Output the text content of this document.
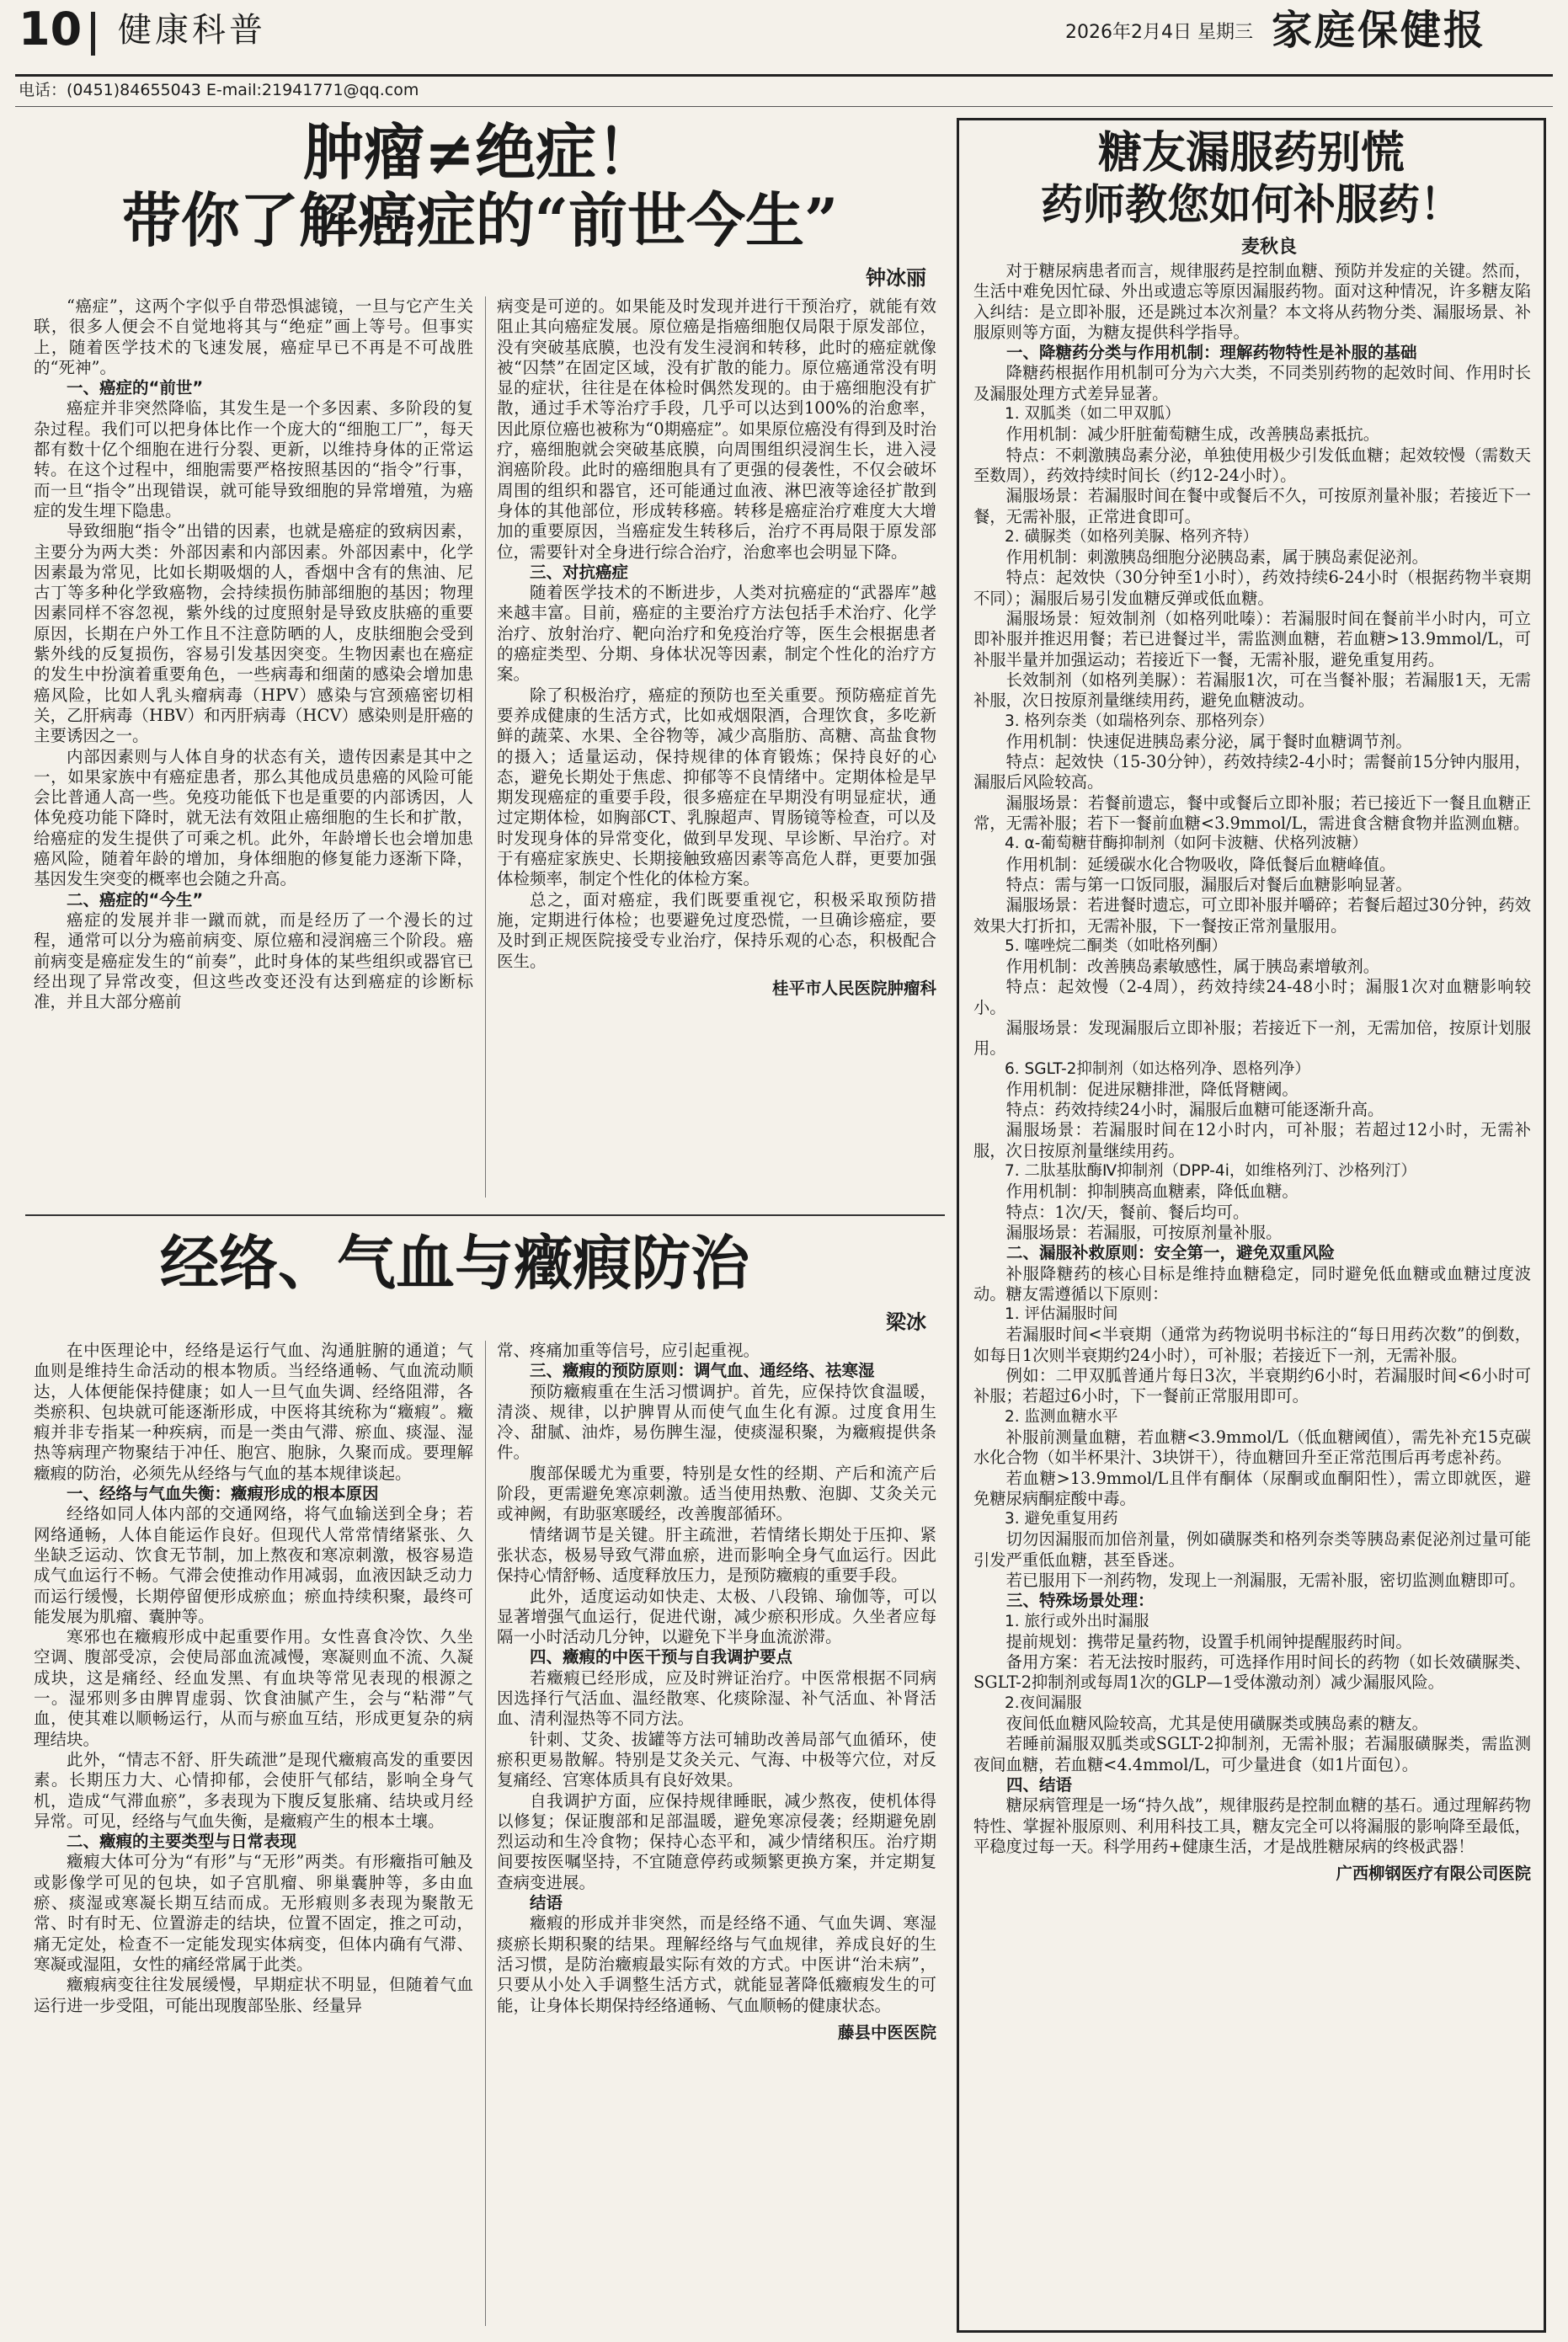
10 健康科普	2026年2月4日 星期三 家庭保健报
电话：(0451)84655043 E-mail:21941771@qq.com
肿瘤≠绝症！
带你了解癌症的“前世今生”
钟冰丽

“癌症”，这两个字似乎自带恐惧滤镜，一旦与它产生关联，很多人便会不自觉地将其与“绝症”画上等号。但事实上，随着医学技术的飞速发展，癌症早已不再是不可战胜的“死神”。

一、癌症的“前世”

癌症并非突然降临，其发生是一个多因素、多阶段的复杂过程。我们可以把身体比作一个庞大的“细胞工厂”，每天都有数十亿个细胞在进行分裂、更新，以维持身体的正常运转。在这个过程中，细胞需要严格按照基因的“指令”行事，而一旦“指令”出现错误，就可能导致细胞的异常增殖，为癌症的发生埋下隐患。

导致细胞“指令”出错的因素，也就是癌症的致病因素，主要分为两大类：外部因素和内部因素。外部因素中，化学因素最为常见，比如长期吸烟的人，香烟中含有的焦油、尼古丁等多种化学致癌物，会持续损伤肺部细胞的基因；物理因素同样不容忽视，紫外线的过度照射是导致皮肤癌的重要原因，长期在户外工作且不注意防晒的人，皮肤细胞会受到紫外线的反复损伤，容易引发基因突变。生物因素也在癌症的发生中扮演着重要角色，一些病毒和细菌的感染会增加患癌风险，比如人乳头瘤病毒（HPV）感染与宫颈癌密切相关，乙肝病毒（HBV）和丙肝病毒（HCV）感染则是肝癌的主要诱因之一。

内部因素则与人体自身的状态有关，遗传因素是其中之一，如果家族中有癌症患者，那么其他成员患癌的风险可能会比普通人高一些。免疫功能低下也是重要的内部诱因，人体免疫功能下降时，就无法有效阻止癌细胞的生长和扩散，给癌症的发生提供了可乘之机。此外，年龄增长也会增加患癌风险，随着年龄的增加，身体细胞的修复能力逐渐下降，基因发生突变的概率也会随之升高。

二、癌症的“今生”

癌症的发展并非一蹴而就，而是经历了一个漫长的过程，通常可以分为癌前病变、原位癌和浸润癌三个阶段。癌前病变是癌症发生的“前奏”，此时身体的某些组织或器官已经出现了异常改变，但这些改变还没有达到癌症的诊断标准，并且大部分癌前

病变是可逆的。如果能及时发现并进行干预治疗，就能有效阻止其向癌症发展。原位癌是指癌细胞仅局限于原发部位，没有突破基底膜，也没有发生浸润和转移，此时的癌症就像被“囚禁”在固定区域，没有扩散的能力。原位癌通常没有明显的症状，往往是在体检时偶然发现的。由于癌细胞没有扩散，通过手术等治疗手段，几乎可以达到100%的治愈率，因此原位癌也被称为“0期癌症”。如果原位癌没有得到及时治疗，癌细胞就会突破基底膜，向周围组织浸润生长，进入浸润癌阶段。此时的癌细胞具有了更强的侵袭性，不仅会破坏周围的组织和器官，还可能通过血液、淋巴液等途径扩散到身体的其他部位，形成转移癌。转移是癌症治疗难度大大增加的重要原因，当癌症发生转移后，治疗不再局限于原发部位，需要针对全身进行综合治疗，治愈率也会明显下降。

三、对抗癌症

随着医学技术的不断进步，人类对抗癌症的“武器库”越来越丰富。目前，癌症的主要治疗方法包括手术治疗、化学治疗、放射治疗、靶向治疗和免疫治疗等，医生会根据患者的癌症类型、分期、身体状况等因素，制定个性化的治疗方案。

除了积极治疗，癌症的预防也至关重要。预防癌症首先要养成健康的生活方式，比如戒烟限酒，合理饮食，多吃新鲜的蔬菜、水果、全谷物等，减少高脂肪、高糖、高盐食物的摄入；适量运动，保持规律的体育锻炼；保持良好的心态，避免长期处于焦虑、抑郁等不良情绪中。定期体检是早期发现癌症的重要手段，很多癌症在早期没有明显症状，通过定期体检，如胸部CT、乳腺超声、胃肠镜等检查，可以及时发现身体的异常变化，做到早发现、早诊断、早治疗。对于有癌症家族史、长期接触致癌因素等高危人群，更要加强体检频率，制定个性化的体检方案。

总之，面对癌症，我们既要重视它，积极采取预防措施，定期进行体检；也要避免过度恐慌，一旦确诊癌症，要及时到正规医院接受专业治疗，保持乐观的心态，积极配合医生。

桂平市人民医院肿瘤科

经络、气血与癥瘕防治
梁冰

在中医理论中，经络是运行气血、沟通脏腑的通道；气血则是维持生命活动的根本物质。当经络通畅、气血流动顺达，人体便能保持健康；如人一旦气血失调、经络阻滞，各类瘀积、包块就可能逐渐形成，中医将其统称为“癥瘕”。癥瘕并非专指某一种疾病，而是一类由气滞、瘀血、痰湿、湿热等病理产物聚结于冲任、胞宫、胞脉，久聚而成。要理解癥瘕的防治，必须先从经络与气血的基本规律谈起。

一、经络与气血失衡：癥瘕形成的根本原因

经络如同人体内部的交通网络，将气血输送到全身；若网络通畅，人体自能运作良好。但现代人常常情绪紧张、久坐缺乏运动、饮食无节制，加上熬夜和寒凉刺激，极容易造成气血运行不畅。气滞会使推动作用减弱，血液因缺乏动力而运行缓慢，长期停留便形成瘀血；瘀血持续积聚，最终可能发展为肌瘤、囊肿等。

寒邪也在癥瘕形成中起重要作用。女性喜食冷饮、久坐空调、腹部受凉，会使局部血流减慢，寒凝则血不流、久凝成块，这是痛经、经血发黑、有血块等常见表现的根源之一。湿邪则多由脾胃虚弱、饮食油腻产生，会与“粘滞”气血，使其难以顺畅运行，从而与瘀血互结，形成更复杂的病理结块。

此外，“情志不舒、肝失疏泄”是现代癥瘕高发的重要因素。长期压力大、心情抑郁，会使肝气郁结，影响全身气机，造成“气滞血瘀”，多表现为下腹反复胀痛、结块或月经异常。可见，经络与气血失衡，是癥瘕产生的根本土壤。

二、癥瘕的主要类型与日常表现

癥瘕大体可分为“有形”与“无形”两类。有形癥指可触及或影像学可见的包块，如子宫肌瘤、卵巢囊肿等，多由血瘀、痰湿或寒凝长期互结而成。无形瘕则多表现为聚散无常、时有时无、位置游走的结块，位置不固定，推之可动，痛无定处，检查不一定能发现实体病变，但体内确有气滞、寒凝或湿阻，女性的痛经常属于此类。

癥瘕病变往往发展缓慢，早期症状不明显，但随着气血运行进一步受阻，可能出现腹部坠胀、经量异

常、疼痛加重等信号，应引起重视。

三、癥瘕的预防原则：调气血、通经络、祛寒湿

预防癥瘕重在生活习惯调护。首先，应保持饮食温暖，清淡、规律，以护脾胃从而使气血生化有源。过度食用生冷、甜腻、油炸，易伤脾生湿，使痰湿积聚，为癥瘕提供条件。

腹部保暖尤为重要，特别是女性的经期、产后和流产后阶段，更需避免寒凉刺激。适当使用热敷、泡脚、艾灸关元或神阙，有助驱寒暖经，改善腹部循环。

情绪调节是关键。肝主疏泄，若情绪长期处于压抑、紧张状态，极易导致气滞血瘀，进而影响全身气血运行。因此保持心情舒畅、适度释放压力，是预防癥瘕的重要手段。

此外，适度运动如快走、太极、八段锦、瑜伽等，可以显著增强气血运行，促进代谢，减少瘀积形成。久坐者应每隔一小时活动几分钟，以避免下半身血流淤滞。

四、癥瘕的中医干预与自我调护要点

若癥瘕已经形成，应及时辨证治疗。中医常根据不同病因选择行气活血、温经散寒、化痰除湿、补气活血、补肾活血、清利湿热等不同方法。

针刺、艾灸、拔罐等方法可辅助改善局部气血循环，使瘀积更易散解。特别是艾灸关元、气海、中极等穴位，对反复痛经、宫寒体质具有良好效果。

自我调护方面，应保持规律睡眠，减少熬夜，使机体得以修复；保证腹部和足部温暖，避免寒凉侵袭；经期避免剧烈运动和生冷食物；保持心态平和，减少情绪积压。治疗期间要按医嘱坚持，不宜随意停药或频繁更换方案，并定期复查病变进展。

结语

癥瘕的形成并非突然，而是经络不通、气血失调、寒湿痰瘀长期积聚的结果。理解经络与气血规律，养成良好的生活习惯，是防治癥瘕最实际有效的方式。中医讲“治未病”，只要从小处入手调整生活方式，就能显著降低癥瘕发生的可能，让身体长期保持经络通畅、气血顺畅的健康状态。

藤县中医医院

糖友漏服药别慌
药师教您如何补服药！
麦秋良

对于糖尿病患者而言，规律服药是控制血糖、预防并发症的关键。然而，生活中难免因忙碌、外出或遗忘等原因漏服药物。面对这种情况，许多糖友陷入纠结：是立即补服，还是跳过本次剂量？本文将从药物分类、漏服场景、补服原则等方面，为糖友提供科学指导。

一、降糖药分类与作用机制：理解药物特性是补服的基础

降糖药根据作用机制可分为六大类，不同类别药物的起效时间、作用时长及漏服处理方式差异显著。

1. 双胍类（如二甲双胍）

作用机制：减少肝脏葡萄糖生成，改善胰岛素抵抗。

特点：不刺激胰岛素分泌，单独使用极少引发低血糖；起效较慢（需数天至数周），药效持续时间长（约12-24小时）。

漏服场景：若漏服时间在餐中或餐后不久，可按原剂量补服；若接近下一餐，无需补服，正常进食即可。

2. 磺脲类（如格列美脲、格列齐特）

作用机制：刺激胰岛细胞分泌胰岛素，属于胰岛素促泌剂。

特点：起效快（30分钟至1小时），药效持续6-24小时（根据药物半衰期不同）；漏服后易引发血糖反弹或低血糖。

漏服场景：短效制剂（如格列吡嗪）：若漏服时间在餐前半小时内，可立即补服并推迟用餐；若已进餐过半，需监测血糖，若血糖>13.9mmol/L，可补服半量并加强运动；若接近下一餐，无需补服，避免重复用药。

长效制剂（如格列美脲）：若漏服1次，可在当餐补服；若漏服1天，无需补服，次日按原剂量继续用药，避免血糖波动。

3. 格列奈类（如瑞格列奈、那格列奈）

作用机制：快速促进胰岛素分泌，属于餐时血糖调节剂。

特点：起效快（15-30分钟），药效持续2-4小时；需餐前15分钟内服用，漏服后风险较高。

漏服场景：若餐前遗忘，餐中或餐后立即补服；若已接近下一餐且血糖正常，无需补服；若下一餐前血糖<3.9mmol/L，需进食含糖食物并监测血糖。

4. α-葡萄糖苷酶抑制剂（如阿卡波糖、伏格列波糖）

作用机制：延缓碳水化合物吸收，降低餐后血糖峰值。

特点：需与第一口饭同服，漏服后对餐后血糖影响显著。

漏服场景：若进餐时遗忘，可立即补服并嚼碎；若餐后超过30分钟，药效效果大打折扣，无需补服，下一餐按正常剂量服用。

5. 噻唑烷二酮类（如吡格列酮）

作用机制：改善胰岛素敏感性，属于胰岛素增敏剂。

特点：起效慢（2-4周），药效持续24-48小时；漏服1次对血糖影响较小。

漏服场景：发现漏服后立即补服；若接近下一剂，无需加倍，按原计划服用。

6. SGLT-2抑制剂（如达格列净、恩格列净）

作用机制：促进尿糖排泄，降低肾糖阈。

特点：药效持续24小时，漏服后血糖可能逐渐升高。

漏服场景：若漏服时间在12小时内，可补服；若超过12小时，无需补服，次日按原剂量继续用药。

7. 二肽基肽酶Ⅳ抑制剂（DPP-4i，如维格列汀、沙格列汀）

作用机制：抑制胰高血糖素，降低血糖。

特点：1次/天，餐前、餐后均可。

漏服场景：若漏服，可按原剂量补服。

二、漏服补救原则：安全第一，避免双重风险

补服降糖药的核心目标是维持血糖稳定，同时避免低血糖或血糖过度波动。糖友需遵循以下原则：

1. 评估漏服时间

若漏服时间<半衰期（通常为药物说明书标注的“每日用药次数”的倒数，如每日1次则半衰期约24小时），可补服；若接近下一剂，无需补服。

例如：二甲双胍普通片每日3次，半衰期约6小时，若漏服时间<6小时可补服；若超过6小时，下一餐前正常服用即可。

2. 监测血糖水平

补服前测量血糖，若血糖<3.9mmol/L（低血糖阈值），需先补充15克碳水化合物（如半杯果汁、3块饼干），待血糖回升至正常范围后再考虑补药。

若血糖>13.9mmol/L且伴有酮体（尿酮或血酮阳性），需立即就医，避免糖尿病酮症酸中毒。

3. 避免重复用药

切勿因漏服而加倍剂量，例如磺脲类和格列奈类等胰岛素促泌剂过量可能引发严重低血糖，甚至昏迷。

若已服用下一剂药物，发现上一剂漏服，无需补服，密切监测血糖即可。

三、特殊场景处理：

1. 旅行或外出时漏服

提前规划：携带足量药物，设置手机闹钟提醒服药时间。

备用方案：若无法按时服药，可选择作用时间长的药物（如长效磺脲类、SGLT-2抑制剂或每周1次的GLP—1受体激动剂）减少漏服风险。

2.夜间漏服

夜间低血糖风险较高，尤其是使用磺脲类或胰岛素的糖友。

若睡前漏服双胍类或SGLT-2抑制剂，无需补服；若漏服磺脲类，需监测夜间血糖，若血糖<4.4mmol/L，可少量进食（如1片面包）。

四、结语

糖尿病管理是一场“持久战”，规律服药是控制血糖的基石。通过理解药物特性、掌握补服原则、利用科技工具，糖友完全可以将漏服的影响降至最低，平稳度过每一天。科学用药+健康生活，才是战胜糖尿病的终极武器！

广西柳钢医疗有限公司医院
